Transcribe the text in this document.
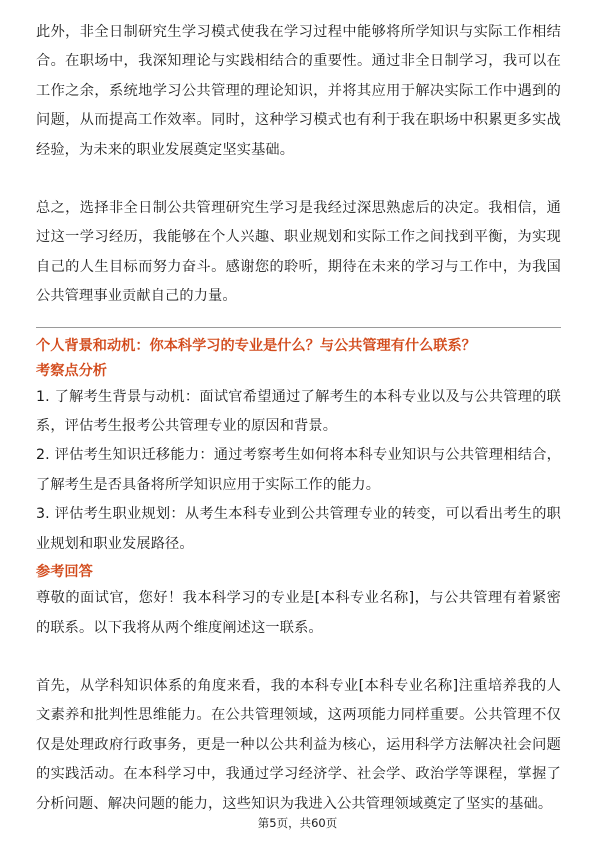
此外，非全日制研究生学习模式使我在学习过程中能够将所学知识与实际工作相结合。在职场中，我深知理论与实践相结合的重要性。通过非全日制学习，我可以在工作之余，系统地学习公共管理的理论知识，并将其应用于解决实际工作中遇到的问题，从而提高工作效率。同时，这种学习模式也有利于我在职场中积累更多实战经验，为未来的职业发展奠定坚实基础。

总之，选择非全日制公共管理研究生学习是我经过深思熟虑后的决定。我相信，通过这一学习经历，我能够在个人兴趣、职业规划和实际工作之间找到平衡，为实现自己的人生目标而努力奋斗。感谢您的聆听，期待在未来的学习与工作中，为我国公共管理事业贡献自己的力量。

个人背景和动机：你本科学习的专业是什么？与公共管理有什么联系？

考察点分析

1. 了解考生背景与动机：面试官希望通过了解考生的本科专业以及与公共管理的联系，评估考生报考公共管理专业的原因和背景。

2. 评估考生知识迁移能力：通过考察考生如何将本科专业知识与公共管理相结合，了解考生是否具备将所学知识应用于实际工作的能力。

3. 评估考生职业规划：从考生本科专业到公共管理专业的转变，可以看出考生的职业规划和职业发展路径。

参考回答

尊敬的面试官，您好！我本科学习的专业是[本科专业名称]，与公共管理有着紧密的联系。以下我将从两个维度阐述这一联系。

首先，从学科知识体系的角度来看，我的本科专业[本科专业名称]注重培养我的人文素养和批判性思维能力。在公共管理领域，这两项能力同样重要。公共管理不仅仅是处理政府行政事务，更是一种以公共利益为核心，运用科学方法解决社会问题的实践活动。在本科学习中，我通过学习经济学、社会学、政治学等课程，掌握了分析问题、解决问题的能力，这些知识为我进入公共管理领域奠定了坚实的基础。

第5页，共60页
